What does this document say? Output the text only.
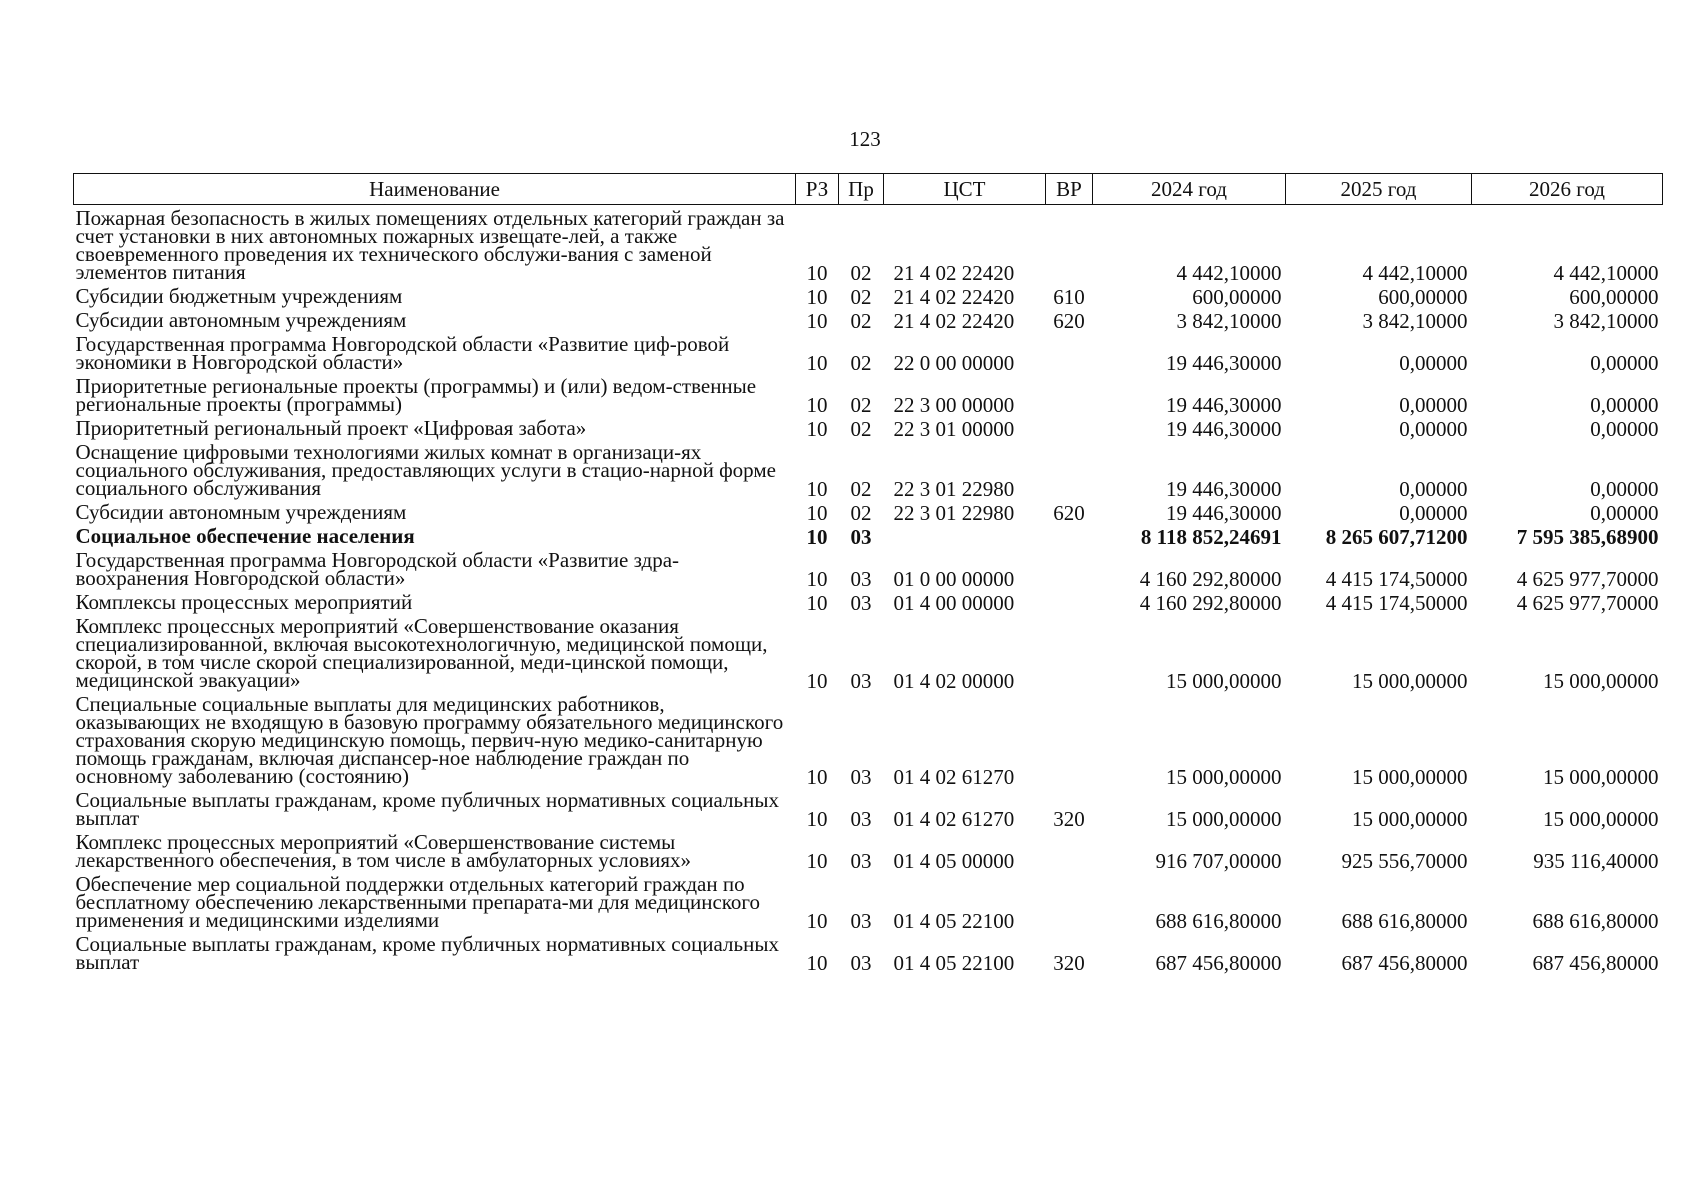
123
Наименование	РЗ	Пр	ЦСТ	ВР	2024 год	2025 год	2026 год
Пожарная безопасность в жилых помещениях отдельных категорий граждан за счет установки в них автономных пожарных извещате-лей, а также своевременного проведения их технического обслужи-вания с заменой элементов питания	10	02	21 4 02 22420		4 442,10000	4 442,10000	4 442,10000
Субсидии бюджетным учреждениям	10	02	21 4 02 22420	610	600,00000	600,00000	600,00000
Субсидии автономным учреждениям	10	02	21 4 02 22420	620	3 842,10000	3 842,10000	3 842,10000
Государственная программа Новгородской области «Развитие циф-ровой экономики в Новгородской области»	10	02	22 0 00 00000		19 446,30000	0,00000	0,00000
Приоритетные региональные проекты (программы) и (или) ведом-ственные региональные проекты (программы)	10	02	22 3 00 00000		19 446,30000	0,00000	0,00000
Приоритетный региональный проект «Цифровая забота»	10	02	22 3 01 00000		19 446,30000	0,00000	0,00000
Оснащение цифровыми технологиями жилых комнат в организаци-ях социального обслуживания, предоставляющих услуги в стацио-нарной форме социального обслуживания	10	02	22 3 01 22980		19 446,30000	0,00000	0,00000
Субсидии автономным учреждениям	10	02	22 3 01 22980	620	19 446,30000	0,00000	0,00000
Социальное обеспечение населения	10	03			8 118 852,24691	8 265 607,71200	7 595 385,68900
Государственная программа Новгородской области «Развитие здра-воохранения Новгородской области»	10	03	01 0 00 00000		4 160 292,80000	4 415 174,50000	4 625 977,70000
Комплексы процессных мероприятий	10	03	01 4 00 00000		4 160 292,80000	4 415 174,50000	4 625 977,70000
Комплекс процессных мероприятий «Совершенствование оказания специализированной, включая высокотехнологичную, медицинской помощи, скорой, в том числе скорой специализированной, меди-цинской помощи, медицинской эвакуации»	10	03	01 4 02 00000		15 000,00000	15 000,00000	15 000,00000
Специальные социальные выплаты для медицинских работников, оказывающих не входящую в базовую программу обязательного медицинского страхования скорую медицинскую помощь, первич-ную медико-санитарную помощь гражданам, включая диспансер-ное наблюдение граждан по основному заболеванию (состоянию)	10	03	01 4 02 61270		15 000,00000	15 000,00000	15 000,00000
Социальные выплаты гражданам, кроме публичных нормативных социальных выплат	10	03	01 4 02 61270	320	15 000,00000	15 000,00000	15 000,00000
Комплекс процессных мероприятий «Совершенствование системы лекарственного обеспечения, в том числе в амбулаторных условиях»	10	03	01 4 05 00000		916 707,00000	925 556,70000	935 116,40000
Обеспечение мер социальной поддержки отдельных категорий граждан по бесплатному обеспечению лекарственными препарата-ми для медицинского применения и медицинскими изделиями	10	03	01 4 05 22100		688 616,80000	688 616,80000	688 616,80000
Социальные выплаты гражданам, кроме публичных нормативных социальных выплат	10	03	01 4 05 22100	320	687 456,80000	687 456,80000	687 456,80000
